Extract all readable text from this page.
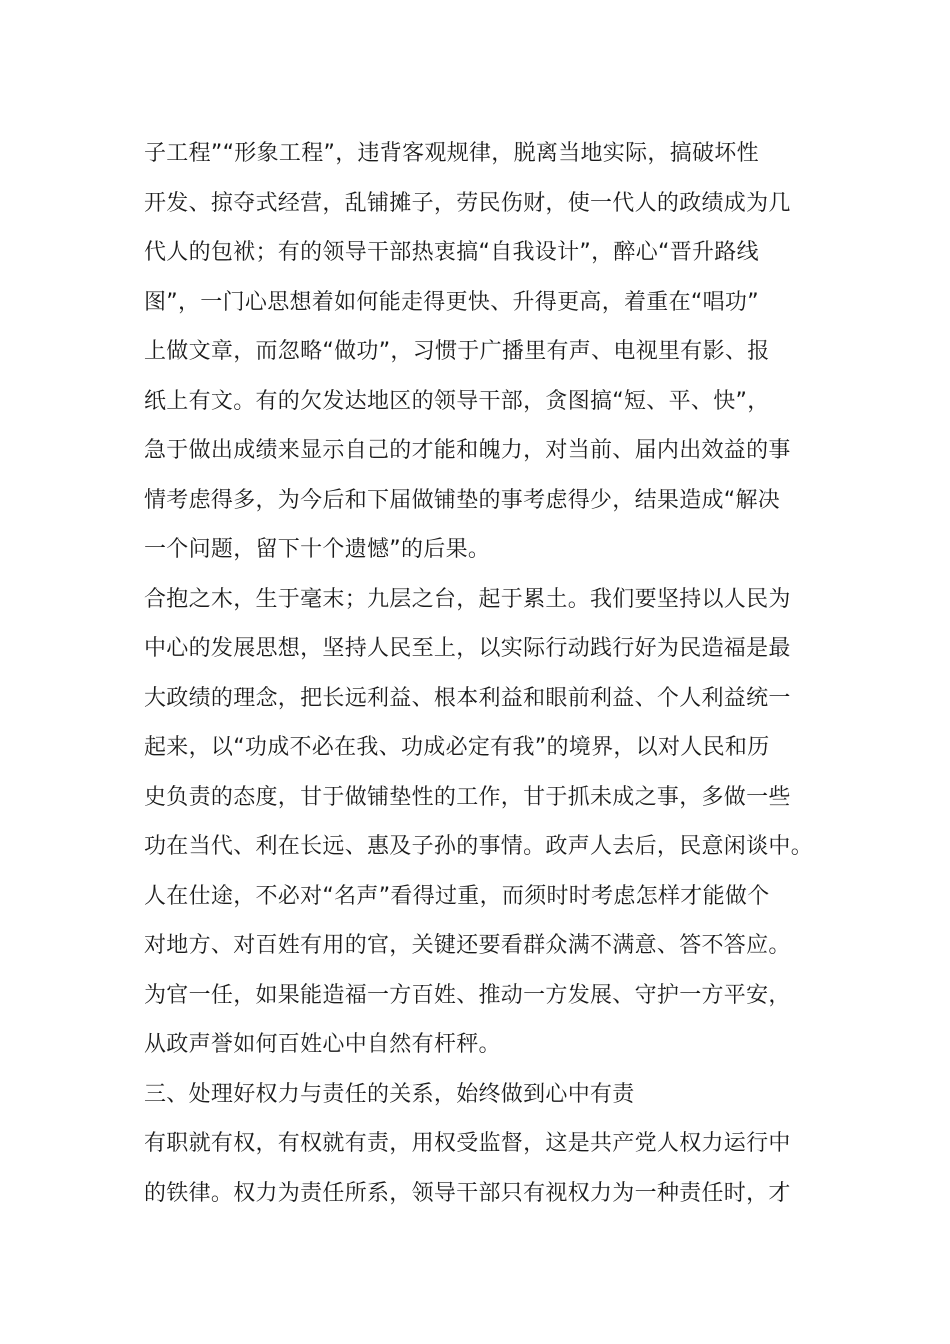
子工程”“形象工程”，违背客观规律，脱离当地实际，搞破坏性
开发、掠夺式经营，乱铺摊子，劳民伤财，使一代人的政绩成为几
代人的包袱；有的领导干部热衷搞“自我设计”，醉心“晋升路线
图”，一门心思想着如何能走得更快、升得更高，着重在“唱功”
上做文章，而忽略“做功”，习惯于广播里有声、电视里有影、报
纸上有文。有的欠发达地区的领导干部，贪图搞“短、平、快”，
急于做出成绩来显示自己的才能和魄力，对当前、届内出效益的事
情考虑得多，为今后和下届做铺垫的事考虑得少，结果造成“解决
一个问题，留下十个遗憾”的后果。
合抱之木，生于毫末；九层之台，起于累土。我们要坚持以人民为
中心的发展思想，坚持人民至上，以实际行动践行好为民造福是最
大政绩的理念，把长远利益、根本利益和眼前利益、个人利益统一
起来，以“功成不必在我、功成必定有我”的境界，以对人民和历
史负责的态度，甘于做铺垫性的工作，甘于抓未成之事，多做一些
功在当代、利在长远、惠及子孙的事情。政声人去后，民意闲谈中。
人在仕途，不必对“名声”看得过重，而须时时考虑怎样才能做个
对地方、对百姓有用的官，关键还要看群众满不满意、答不答应。
为官一任，如果能造福一方百姓、推动一方发展、守护一方平安，
从政声誉如何百姓心中自然有杆秤。
三、处理好权力与责任的关系，始终做到心中有责
有职就有权，有权就有责，用权受监督，这是共产党人权力运行中
的铁律。权力为责任所系，领导干部只有视权力为一种责任时，才
